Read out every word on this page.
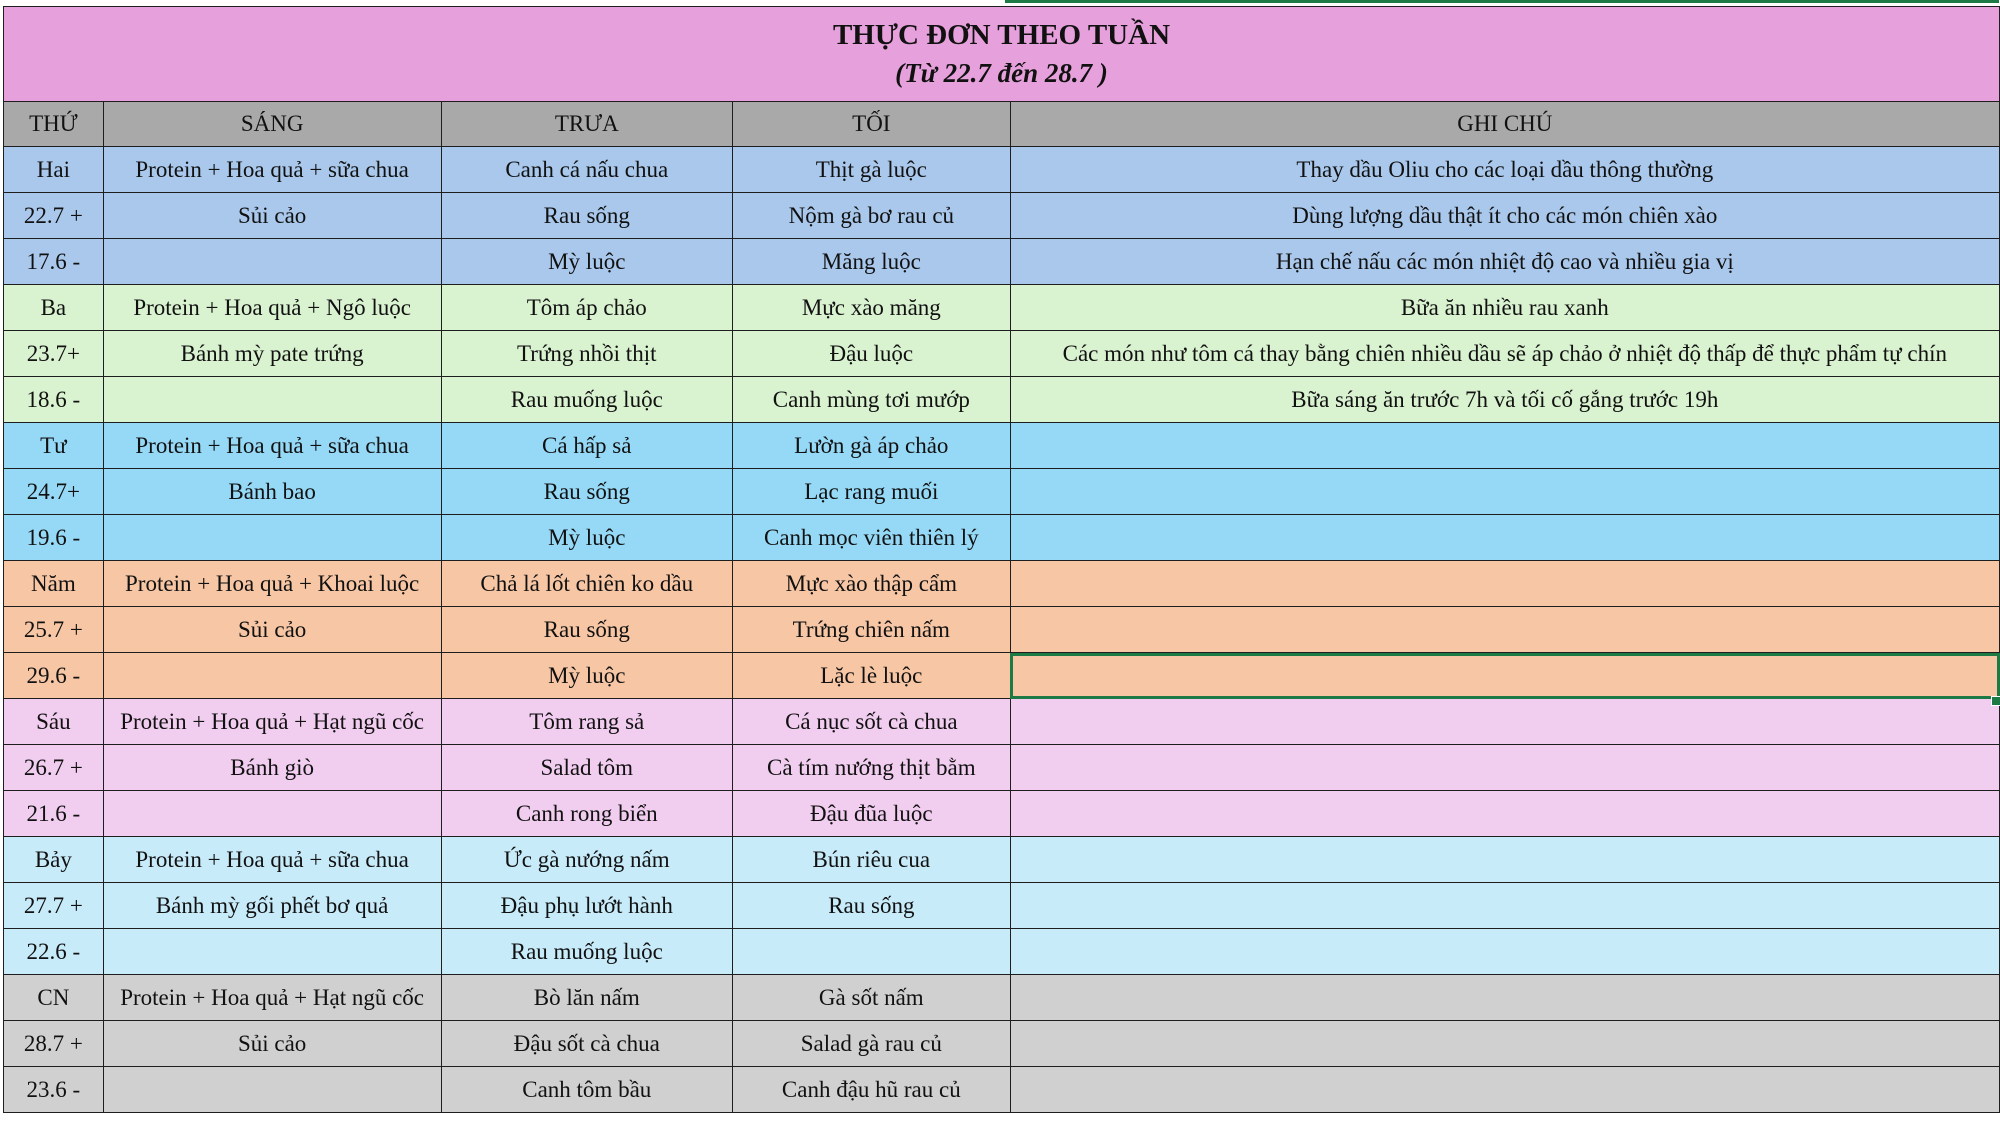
THỰC ĐƠN THEO TUẦN
(Từ 22.7 đến 28.7 )				

THỨ	SÁNG	TRƯA	TỐI	GHI CHÚ
Hai	Protein + Hoa quả + sữa chua	Canh cá nấu chua	Thịt gà luộc	Thay dầu Oliu cho các loại dầu thông thường
22.7 +	Sủi cảo	Rau sống	Nộm gà bơ rau củ	Dùng lượng dầu thật ít cho các món chiên xào
17.6 -		Mỳ luộc	Măng luộc	Hạn chế nấu các món nhiệt độ cao và nhiều gia vị
Ba	Protein + Hoa quả + Ngô luộc	Tôm áp chảo	Mực xào măng	Bữa ăn nhiều rau xanh
23.7+	Bánh mỳ pate trứng	Trứng nhồi thịt	Đậu luộc	Các món như tôm cá thay bằng chiên nhiều dầu sẽ áp chảo ở nhiệt độ thấp để thực phẩm tự chín
18.6 -		Rau muống luộc	Canh mùng tơi mướp	Bữa sáng ăn trước 7h và tối cố gắng trước 19h
Tư	Protein + Hoa quả + sữa chua	Cá hấp sả	Lườn gà áp chảo	
24.7+	Bánh bao	Rau sống	Lạc rang muối	
19.6 -		Mỳ luộc	Canh mọc viên thiên lý	
Năm	Protein + Hoa quả + Khoai luộc	Chả lá lốt chiên ko dầu	Mực xào thập cẩm	
25.7 +	Sủi cảo	Rau sống	Trứng chiên nấm	
29.6 -		Mỳ luộc	Lặc lè luộc	
Sáu	Protein + Hoa quả + Hạt ngũ cốc	Tôm rang sả	Cá nục sốt cà chua	
26.7 +	Bánh giò	Salad tôm	Cà tím nướng thịt bằm	
21.6 -		Canh rong biển	Đậu đũa luộc	
Bảy	Protein + Hoa quả + sữa chua	Ức gà nướng nấm	Bún riêu cua	
27.7 +	Bánh mỳ gối phết bơ quả	Đậu phụ lướt hành	Rau sống	
22.6 -		Rau muống luộc		
CN	Protein + Hoa quả + Hạt ngũ cốc	Bò lăn nấm	Gà sốt nấm	
28.7 +	Sủi cảo	Đậu sốt cà chua	Salad gà rau củ	
23.6 -		Canh tôm bầu	Canh đậu hũ rau củ	
